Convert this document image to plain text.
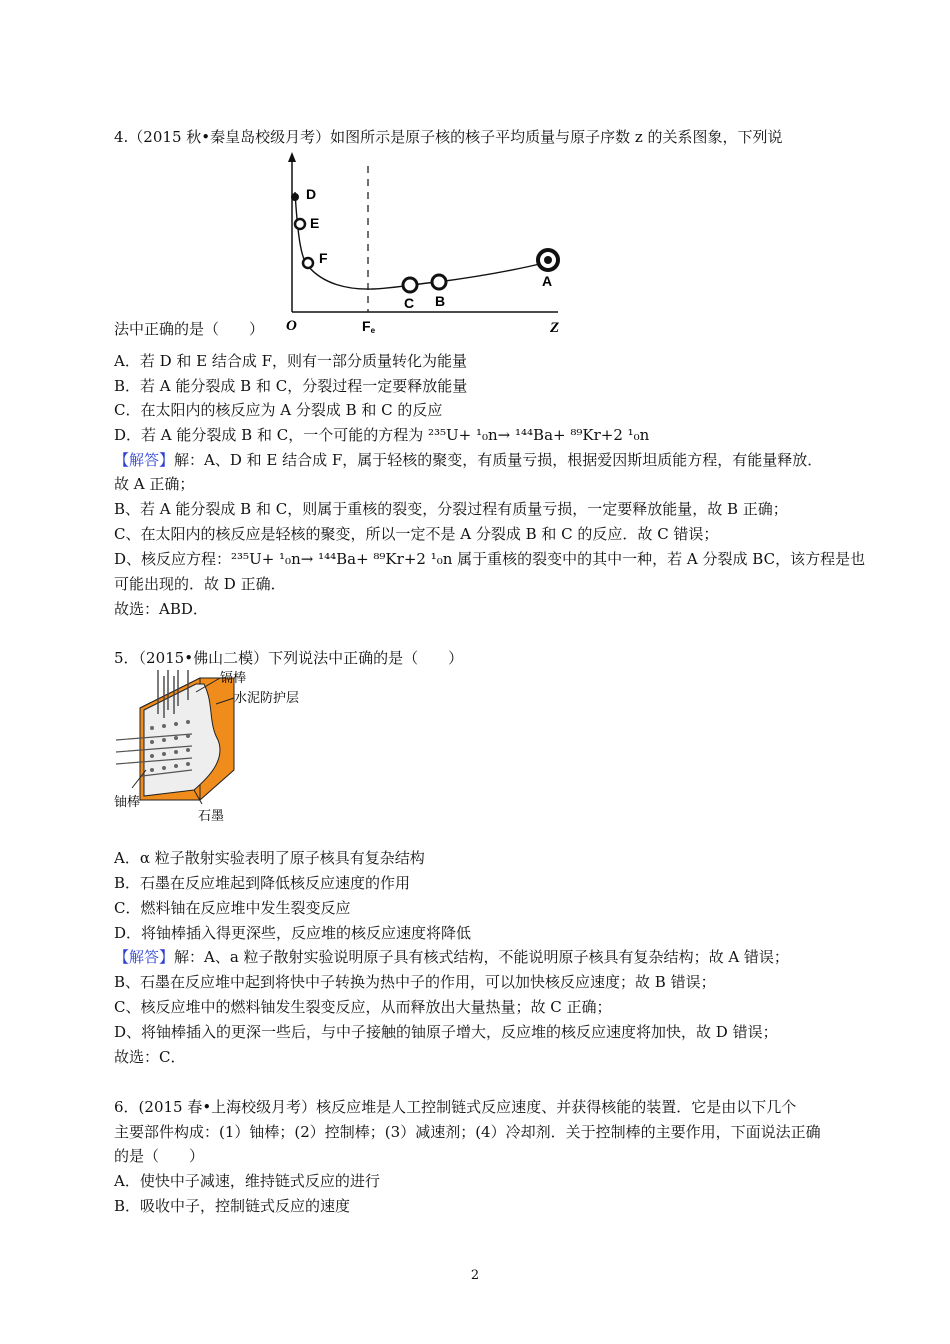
4.（2015 秋•秦皇岛校级月考）如图所示是原子核的核子平均质量与原子序数 z 的关系图象，下列说
D
E
F
C B
A
O	Fe	Z
法中正确的是（　　）
A．若 D 和 E 结合成 F，则有一部分质量转化为能量
B．若 A 能分裂成 B 和 C，分裂过程一定要释放能量
C．在太阳内的核反应为 A 分裂成 B 和 C 的反应
D．若 A 能分裂成 B 和 C，一个可能的方程为 ²³⁵U+ ¹₀n→ ¹⁴⁴Ba+ ⁸⁹Kr+2 ¹₀n
【解答】解：A、D 和 E 结合成 F，属于轻核的聚变，有质量亏损，根据爱因斯坦质能方程，有能量释放．
故 A 正确；
B、若 A 能分裂成 B 和 C，则属于重核的裂变，分裂过程有质量亏损，一定要释放能量，故 B 正确；
C、在太阳内的核反应是轻核的聚变，所以一定不是 A 分裂成 B 和 C 的反应．故 C 错误；
D、核反应方程：²³⁵U+ ¹₀n→ ¹⁴⁴Ba+ ⁸⁹Kr+2 ¹₀n 属于重核的裂变中的其中一种，若 A 分裂成 BC，该方程是也
可能出现的．故 D 正确．
故选：ABD．
5．（2015•佛山二模）下列说法中正确的是（　　）
镉棒
水泥防护层
铀棒
石墨
A．α 粒子散射实验表明了原子核具有复杂结构
B．石墨在反应堆起到降低核反应速度的作用
C．燃料铀在反应堆中发生裂变反应
D．将铀棒插入得更深些，反应堆的核反应速度将降低
【解答】解：A、a 粒子散射实验说明原子具有核式结构，不能说明原子核具有复杂结构；故 A 错误；
B、石墨在反应堆中起到将快中子转换为热中子的作用，可以加快核反应速度；故 B 错误；
C、核反应堆中的燃料铀发生裂变反应，从而释放出大量热量；故 C 正确；
D、将铀棒插入的更深一些后，与中子接触的铀原子增大，反应堆的核反应速度将加快，故 D 错误；
故选：C．
6．(2015 春•上海校级月考）核反应堆是人工控制链式反应速度、并获得核能的装置．它是由以下几个
主要部件构成：(1）铀棒；(2）控制棒；(3）减速剂；(4）冷却剂．关于控制棒的主要作用，下面说法正确
的是（　　）
A．使快中子减速，维持链式反应的进行
B．吸收中子，控制链式反应的速度
2
